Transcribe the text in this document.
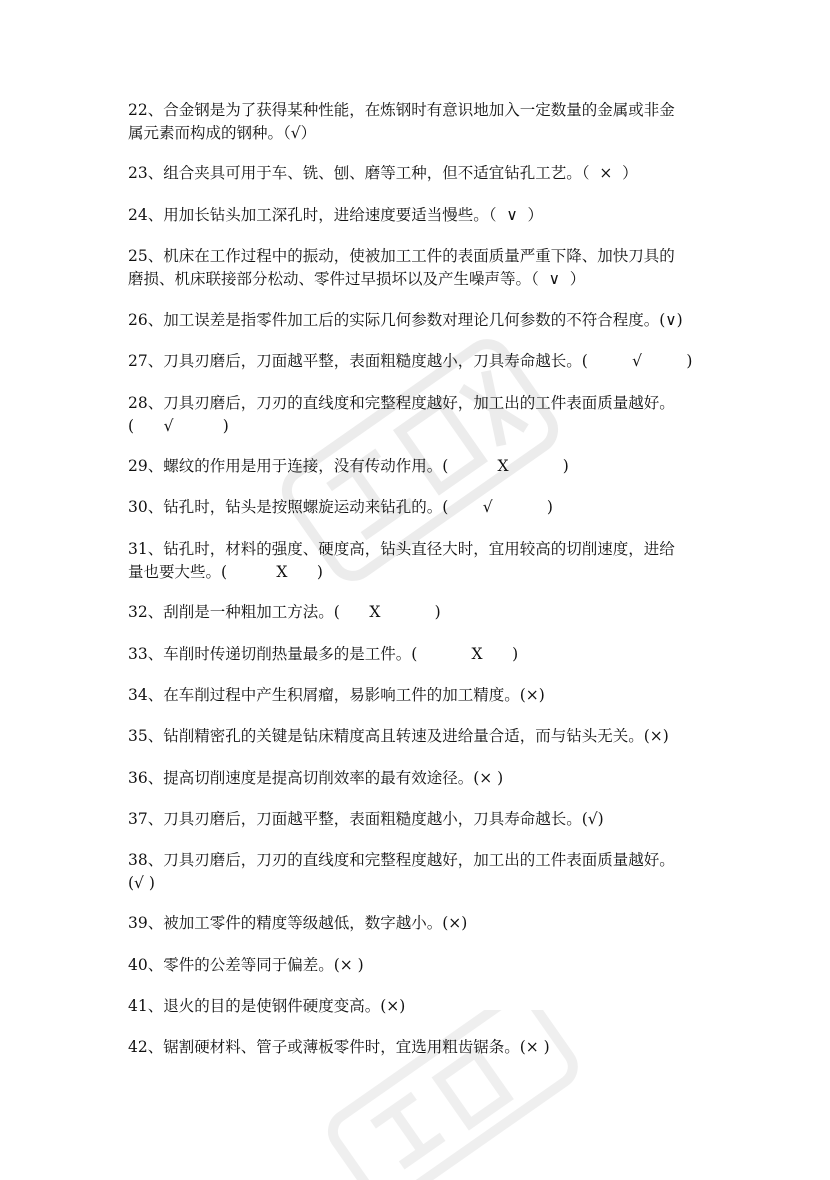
22、合金钢是为了获得某种性能，在炼钢时有意识地加入一定数量的金属或非金
属元素而构成的钢种。（√）
23、组合夹具可用于车、铣、刨、磨等工种，但不适宜钻孔工艺。（  ×  ）
24、用加长钻头加工深孔时，进给速度要适当慢些。（  ∨  ）
25、机床在工作过程中的振动，使被加工工件的表面质量严重下降、加快刀具的
磨损、机床联接部分松动、零件过早损坏以及产生噪声等。（  ∨  ）
26、加工误差是指零件加工后的实际几何参数对理论几何参数的不符合程度。(∨)
27、刀具刃磨后，刀面越平整，表面粗糙度越小，刀具寿命越长。(         √         )
28、刀具刃磨后，刀刃的直线度和完整程度越好，加工出的工件表面质量越好。
(      √          )
29、螺纹的作用是用于连接，没有传动作用。(          X           )
30、钻孔时，钻头是按照螺旋运动来钻孔的。(       √           )
31、钻孔时，材料的强度、硬度高，钻头直径大时，宜用较高的切削速度，进给
量也要大些。(          X      )
32、刮削是一种粗加工方法。(      X           )
33、车削时传递切削热量最多的是工件。(           X      )
34、在车削过程中产生积屑瘤，易影响工件的加工精度。(×)
35、钻削精密孔的关键是钻床精度高且转速及进给量合适，而与钻头无关。(×)
36、提高切削速度是提高切削效率的最有效途径。(× )
37、刀具刃磨后，刀面越平整，表面粗糙度越小，刀具寿命越长。(√)
38、刀具刃磨后，刀刃的直线度和完整程度越好，加工出的工件表面质量越好。
(√ )
39、被加工零件的精度等级越低，数字越小。(×)
40、零件的公差等同于偏差。(× )
41、退火的目的是使钢件硬度变高。(×)
42、锯割硬材料、管子或薄板零件时，宜选用粗齿锯条。(× )
